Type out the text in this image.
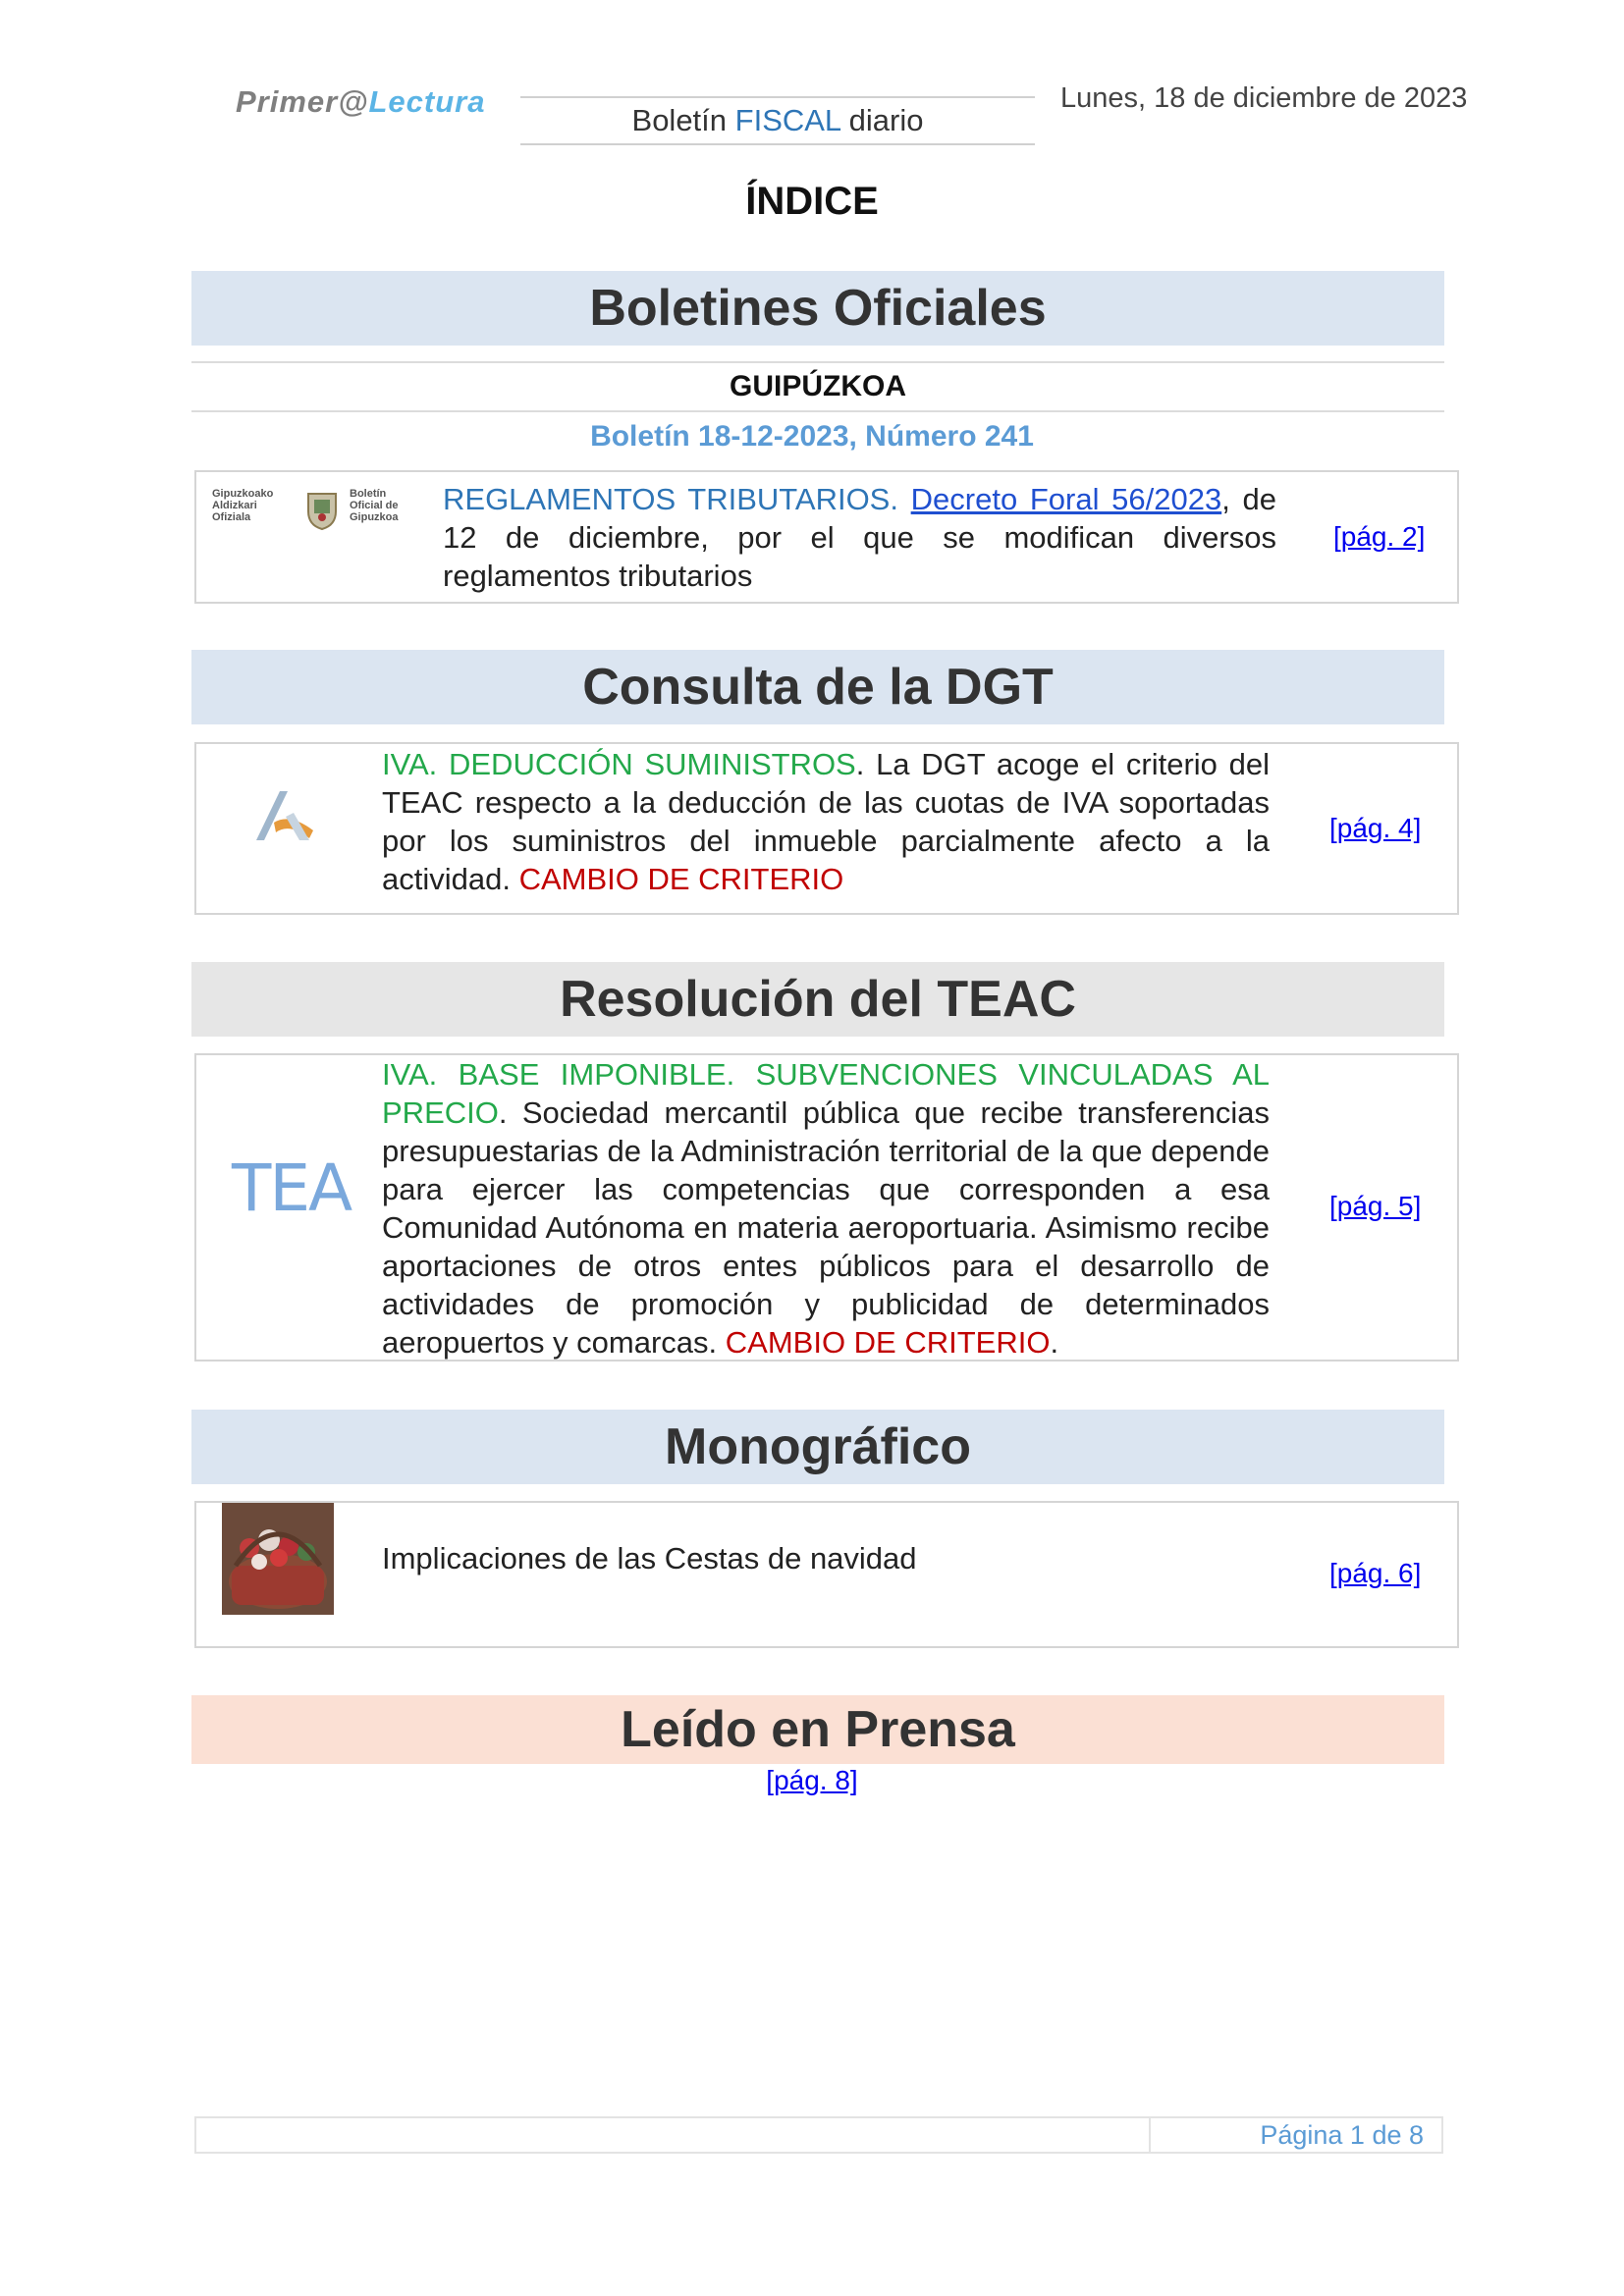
Primer@Lectura
Boletín FISCAL diario
Lunes, 18 de diciembre de 2023
ÍNDICE
Boletines Oficiales
GUIPÚZKOA
Boletín 18-12-2023, Número 241
Gipuzkoako Aldizkari Ofiziala
Boletín Oficial de Gipuzkoa
REGLAMENTOS TRIBUTARIOS. Decreto Foral 56/2023, de 12 de diciembre, por el que se modifican diversos reglamentos tributarios
[pág. 2]
Consulta de la DGT
IVA. DEDUCCIÓN SUMINISTROS. La DGT acoge el criterio del TEAC respecto a la deducción de las cuotas de IVA soportadas por los suministros del inmueble parcialmente afecto a la actividad. CAMBIO DE CRITERIO
[pág. 4]
Resolución del TEAC
TEA
IVA. BASE IMPONIBLE. SUBVENCIONES VINCULADAS AL PRECIO. Sociedad mercantil pública que recibe transferencias presupuestarias de la Administración territorial de la que depende para ejercer las competencias que corresponden a esa Comunidad Autónoma en materia aeroportuaria. Asimismo recibe aportaciones de otros entes públicos para el desarrollo de actividades de promoción y publicidad de determinados aeropuertos y comarcas. CAMBIO DE CRITERIO.
[pág. 5]
Monográfico
Implicaciones de las Cestas de navidad	[pág. 6]
Leído en Prensa
[pág. 8]
Página 1 de 8
